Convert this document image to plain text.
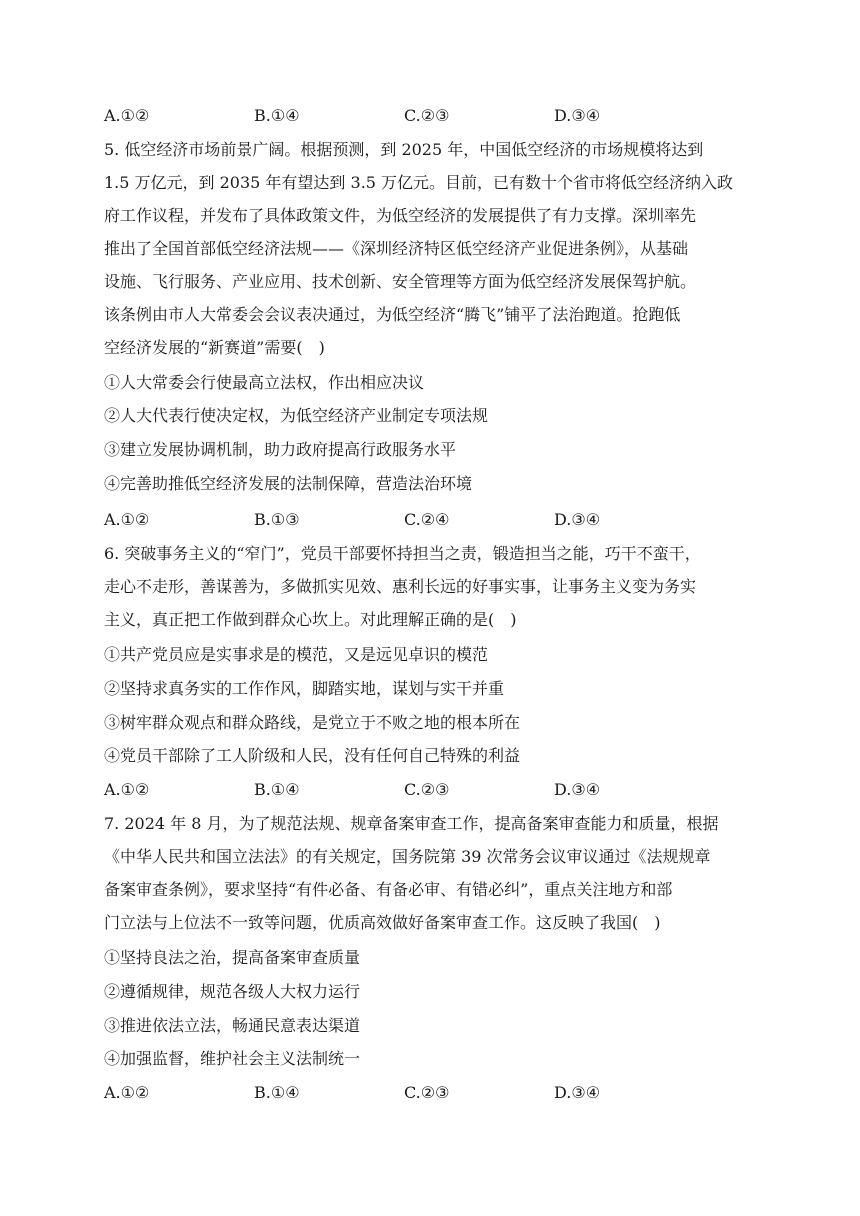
A.①②	B.①④	C.②③	D.③④
5. 低空经济市场前景广阔。根据预测，到 2025 年，中国低空经济的市场规模将达到
1.5 万亿元，到 2035 年有望达到 3.5 万亿元。目前，已有数十个省市将低空经济纳入政
府工作议程，并发布了具体政策文件，为低空经济的发展提供了有力支撑。深圳率先
推出了全国首部低空经济法规——《深圳经济特区低空经济产业促进条例》，从基础
设施、飞行服务、产业应用、技术创新、安全管理等方面为低空经济发展保驾护航。
该条例由市人大常委会会议表决通过，为低空经济“腾飞”铺平了法治跑道。抢跑低
空经济发展的“新赛道”需要(　)
①人大常委会行使最高立法权，作出相应决议
②人大代表行使决定权，为低空经济产业制定专项法规
③建立发展协调机制，助力政府提高行政服务水平
④完善助推低空经济发展的法制保障，营造法治环境
A.①②	B.①③	C.②④	D.③④
6. 突破事务主义的“窄门”，党员干部要怀持担当之责，锻造担当之能，巧干不蛮干，
走心不走形，善谋善为，多做抓实见效、惠利长远的好事实事，让事务主义变为务实
主义，真正把工作做到群众心坎上。对此理解正确的是(　)
①共产党员应是实事求是的模范，又是远见卓识的模范
②坚持求真务实的工作作风，脚踏实地，谋划与实干并重
③树牢群众观点和群众路线，是党立于不败之地的根本所在
④党员干部除了工人阶级和人民，没有任何自己特殊的利益
A.①②	B.①④	C.②③	D.③④
7. 2024 年 8 月，为了规范法规、规章备案审查工作，提高备案审查能力和质量，根据
《中华人民共和国立法法》的有关规定，国务院第 39 次常务会议审议通过《法规规章
备案审查条例》，要求坚持“有件必备、有备必审、有错必纠”，重点关注地方和部
门立法与上位法不一致等问题，优质高效做好备案审查工作。这反映了我国(　)
①坚持良法之治，提高备案审查质量
②遵循规律，规范各级人大权力运行
③推进依法立法，畅通民意表达渠道
④加强监督，维护社会主义法制统一
A.①②	B.①④	C.②③	D.③④
